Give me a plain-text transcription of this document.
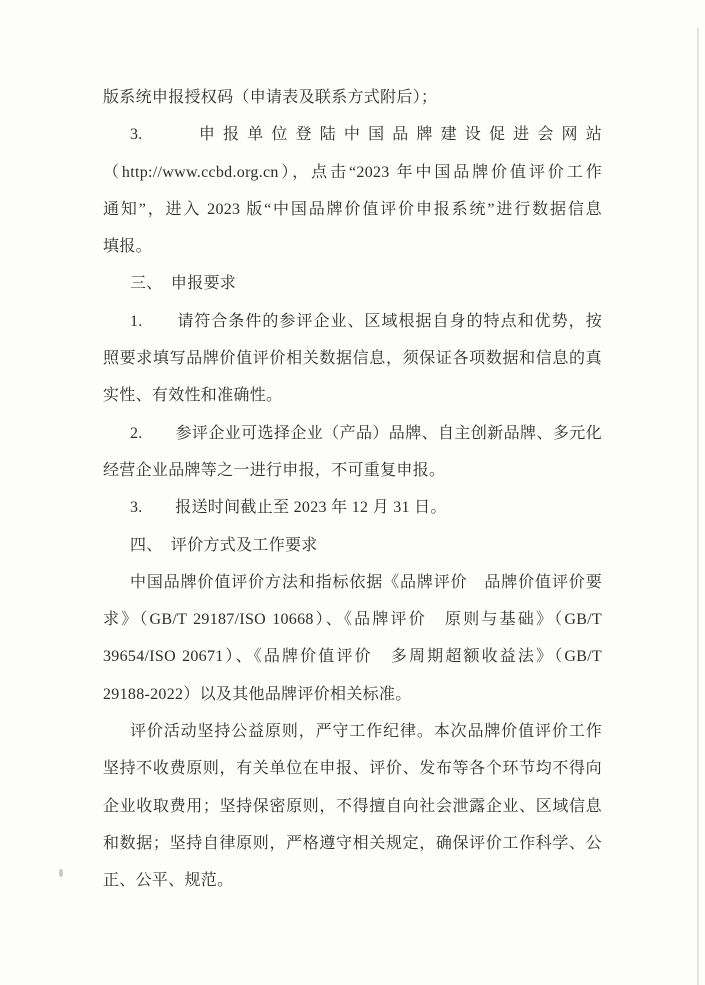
版系统申报授权码（申请表及联系方式附后）；
3.　　申报单位登陆中国品牌建设促进会网站
（http://www.ccbd.org.cn），点击“2023 年中国品牌价值评价工作
通知”，进入 2023 版“中国品牌价值评价申报系统”进行数据信息
填报。
三、　申报要求
1.　　请符合条件的参评企业、区域根据自身的特点和优势，按
照要求填写品牌价值评价相关数据信息，须保证各项数据和信息的真
实性、有效性和准确性。
2.　　参评企业可选择企业（产品）品牌、自主创新品牌、多元化
经营企业品牌等之一进行申报，不可重复申报。
3.　　报送时间截止至 2023 年 12 月 31 日。
四、　评价方式及工作要求
中国品牌价值评价方法和指标依据《品牌评价　品牌价值评价要
求》（GB/T 29187/ISO 10668）、《品牌评价　原则与基础》（GB/T
39654/ISO 20671）、《品牌价值评价　多周期超额收益法》（GB/T
29188-2022）以及其他品牌评价相关标准。
评价活动坚持公益原则，严守工作纪律。本次品牌价值评价工作
坚持不收费原则，有关单位在申报、评价、发布等各个环节均不得向
企业收取费用；坚持保密原则，不得擅自向社会泄露企业、区域信息
和数据；坚持自律原则，严格遵守相关规定，确保评价工作科学、公
正、公平、规范。
